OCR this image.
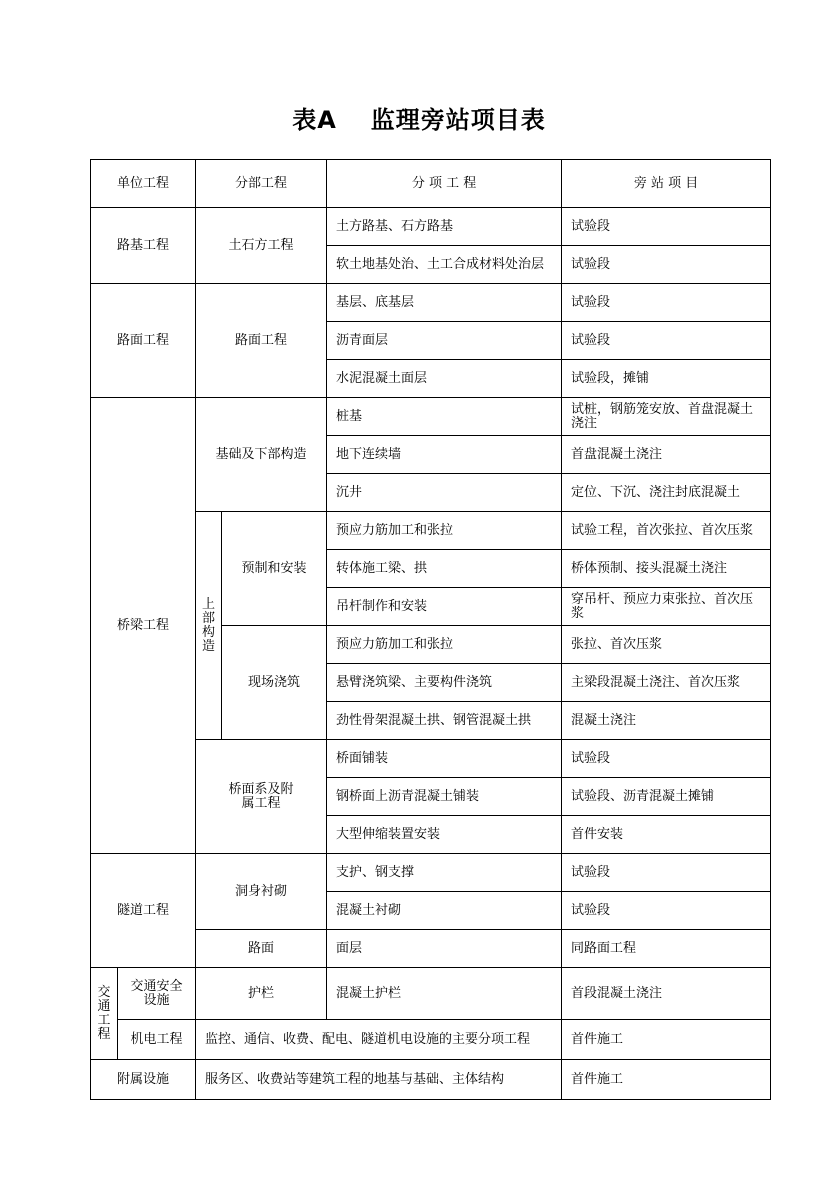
表A 监理旁站项目表
单位工程		分部工程		分 项 工 程	旁 站 项 目
路基工程		土石方工程		土方路基、石方路基	试验段
				软土地基处治、土工合成材料处治层	试验段
路面工程		路面工程		基层、底基层	试验段
				沥青面层	试验段
				水泥混凝土面层	试验段，摊铺
桥梁工程		基础及下部构造		桩基	试桩，钢筋笼安放、首盘混凝土浇注
				地下连续墙	首盘混凝土浇注
				沉井	定位、下沉、浇注封底混凝土
		上部构造	预制和安装	预应力筋加工和张拉	试验工程，首次张拉、首次压浆
				转体施工梁、拱	桥体预制、接头混凝土浇注
				吊杆制作和安装	穿吊杆、预应力束张拉、首次压浆
			现场浇筑	预应力筋加工和张拉	张拉、首次压浆
				悬臂浇筑梁、主要构件浇筑	主梁段混凝土浇注、首次压浆
				劲性骨架混凝土拱、钢管混凝土拱	混凝土浇注
		桥面系及附属工程		桥面铺装	试验段
				钢桥面上沥青混凝土铺装	试验段、沥青混凝土摊铺
				大型伸缩装置安装	首件安装
隧道工程		洞身衬砌		支护、钢支撑	试验段
				混凝土衬砌	试验段
		路面		面层	同路面工程
交通工程	交通安全设施	护栏		混凝土护栏	首段混凝土浇注
	机电工程	监控、通信、收费、配电、隧道机电设施的主要分项工程			首件施工
附属设施		服务区、收费站等建筑工程的地基与基础、主体结构			首件施工
